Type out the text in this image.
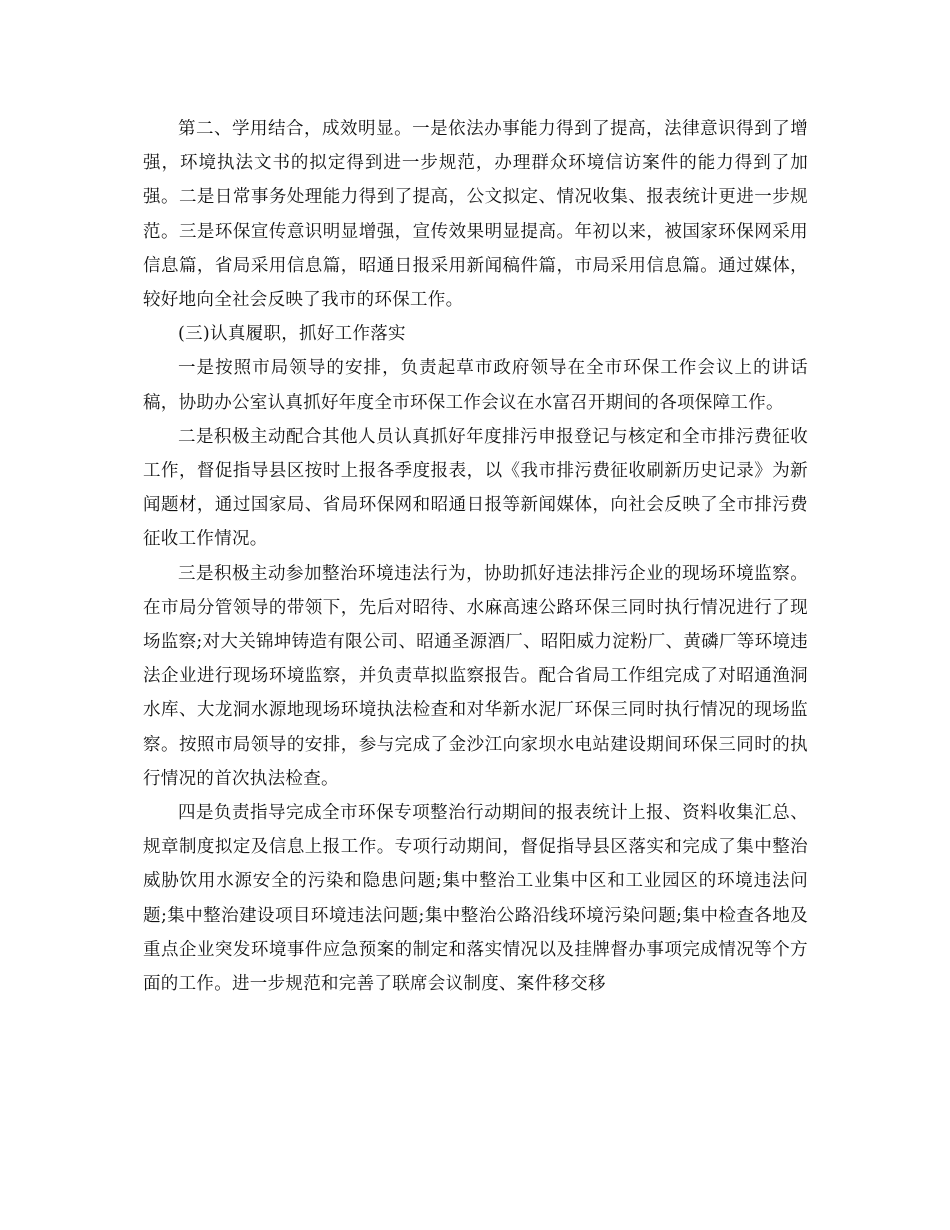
第二、学用结合，成效明显。一是依法办事能力得到了提高，法律意识得到了增强，环境执法文书的拟定得到进一步规范，办理群众环境信访案件的能力得到了加强。二是日常事务处理能力得到了提高，公文拟定、情况收集、报表统计更进一步规范。三是环保宣传意识明显增强，宣传效果明显提高。年初以来，被国家环保网采用信息篇，省局采用信息篇，昭通日报采用新闻稿件篇，市局采用信息篇。通过媒体，较好地向全社会反映了我市的环保工作。

(三)认真履职，抓好工作落实

一是按照市局领导的安排，负责起草市政府领导在全市环保工作会议上的讲话稿，协助办公室认真抓好年度全市环保工作会议在水富召开期间的各项保障工作。

二是积极主动配合其他人员认真抓好年度排污申报登记与核定和全市排污费征收工作，督促指导县区按时上报各季度报表，以《我市排污费征收刷新历史记录》为新闻题材，通过国家局、省局环保网和昭通日报等新闻媒体，向社会反映了全市排污费征收工作情况。

三是积极主动参加整治环境违法行为，协助抓好违法排污企业的现场环境监察。在市局分管领导的带领下，先后对昭待、水麻高速公路环保三同时执行情况进行了现场监察;对大关锦坤铸造有限公司、昭通圣源酒厂、昭阳威力淀粉厂、黄磷厂等环境违法企业进行现场环境监察，并负责草拟监察报告。配合省局工作组完成了对昭通渔洞水库、大龙洞水源地现场环境执法检查和对华新水泥厂环保三同时执行情况的现场监察。按照市局领导的安排，参与完成了金沙江向家坝水电站建设期间环保三同时的执行情况的首次执法检查。

四是负责指导完成全市环保专项整治行动期间的报表统计上报、资料收集汇总、规章制度拟定及信息上报工作。专项行动期间，督促指导县区落实和完成了集中整治威胁饮用水源安全的污染和隐患问题;集中整治工业集中区和工业园区的环境违法问题;集中整治建设项目环境违法问题;集中整治公路沿线环境污染问题;集中检查各地及重点企业突发环境事件应急预案的制定和落实情况以及挂牌督办事项完成情况等个方面的工作。进一步规范和完善了联席会议制度、案件移交移
